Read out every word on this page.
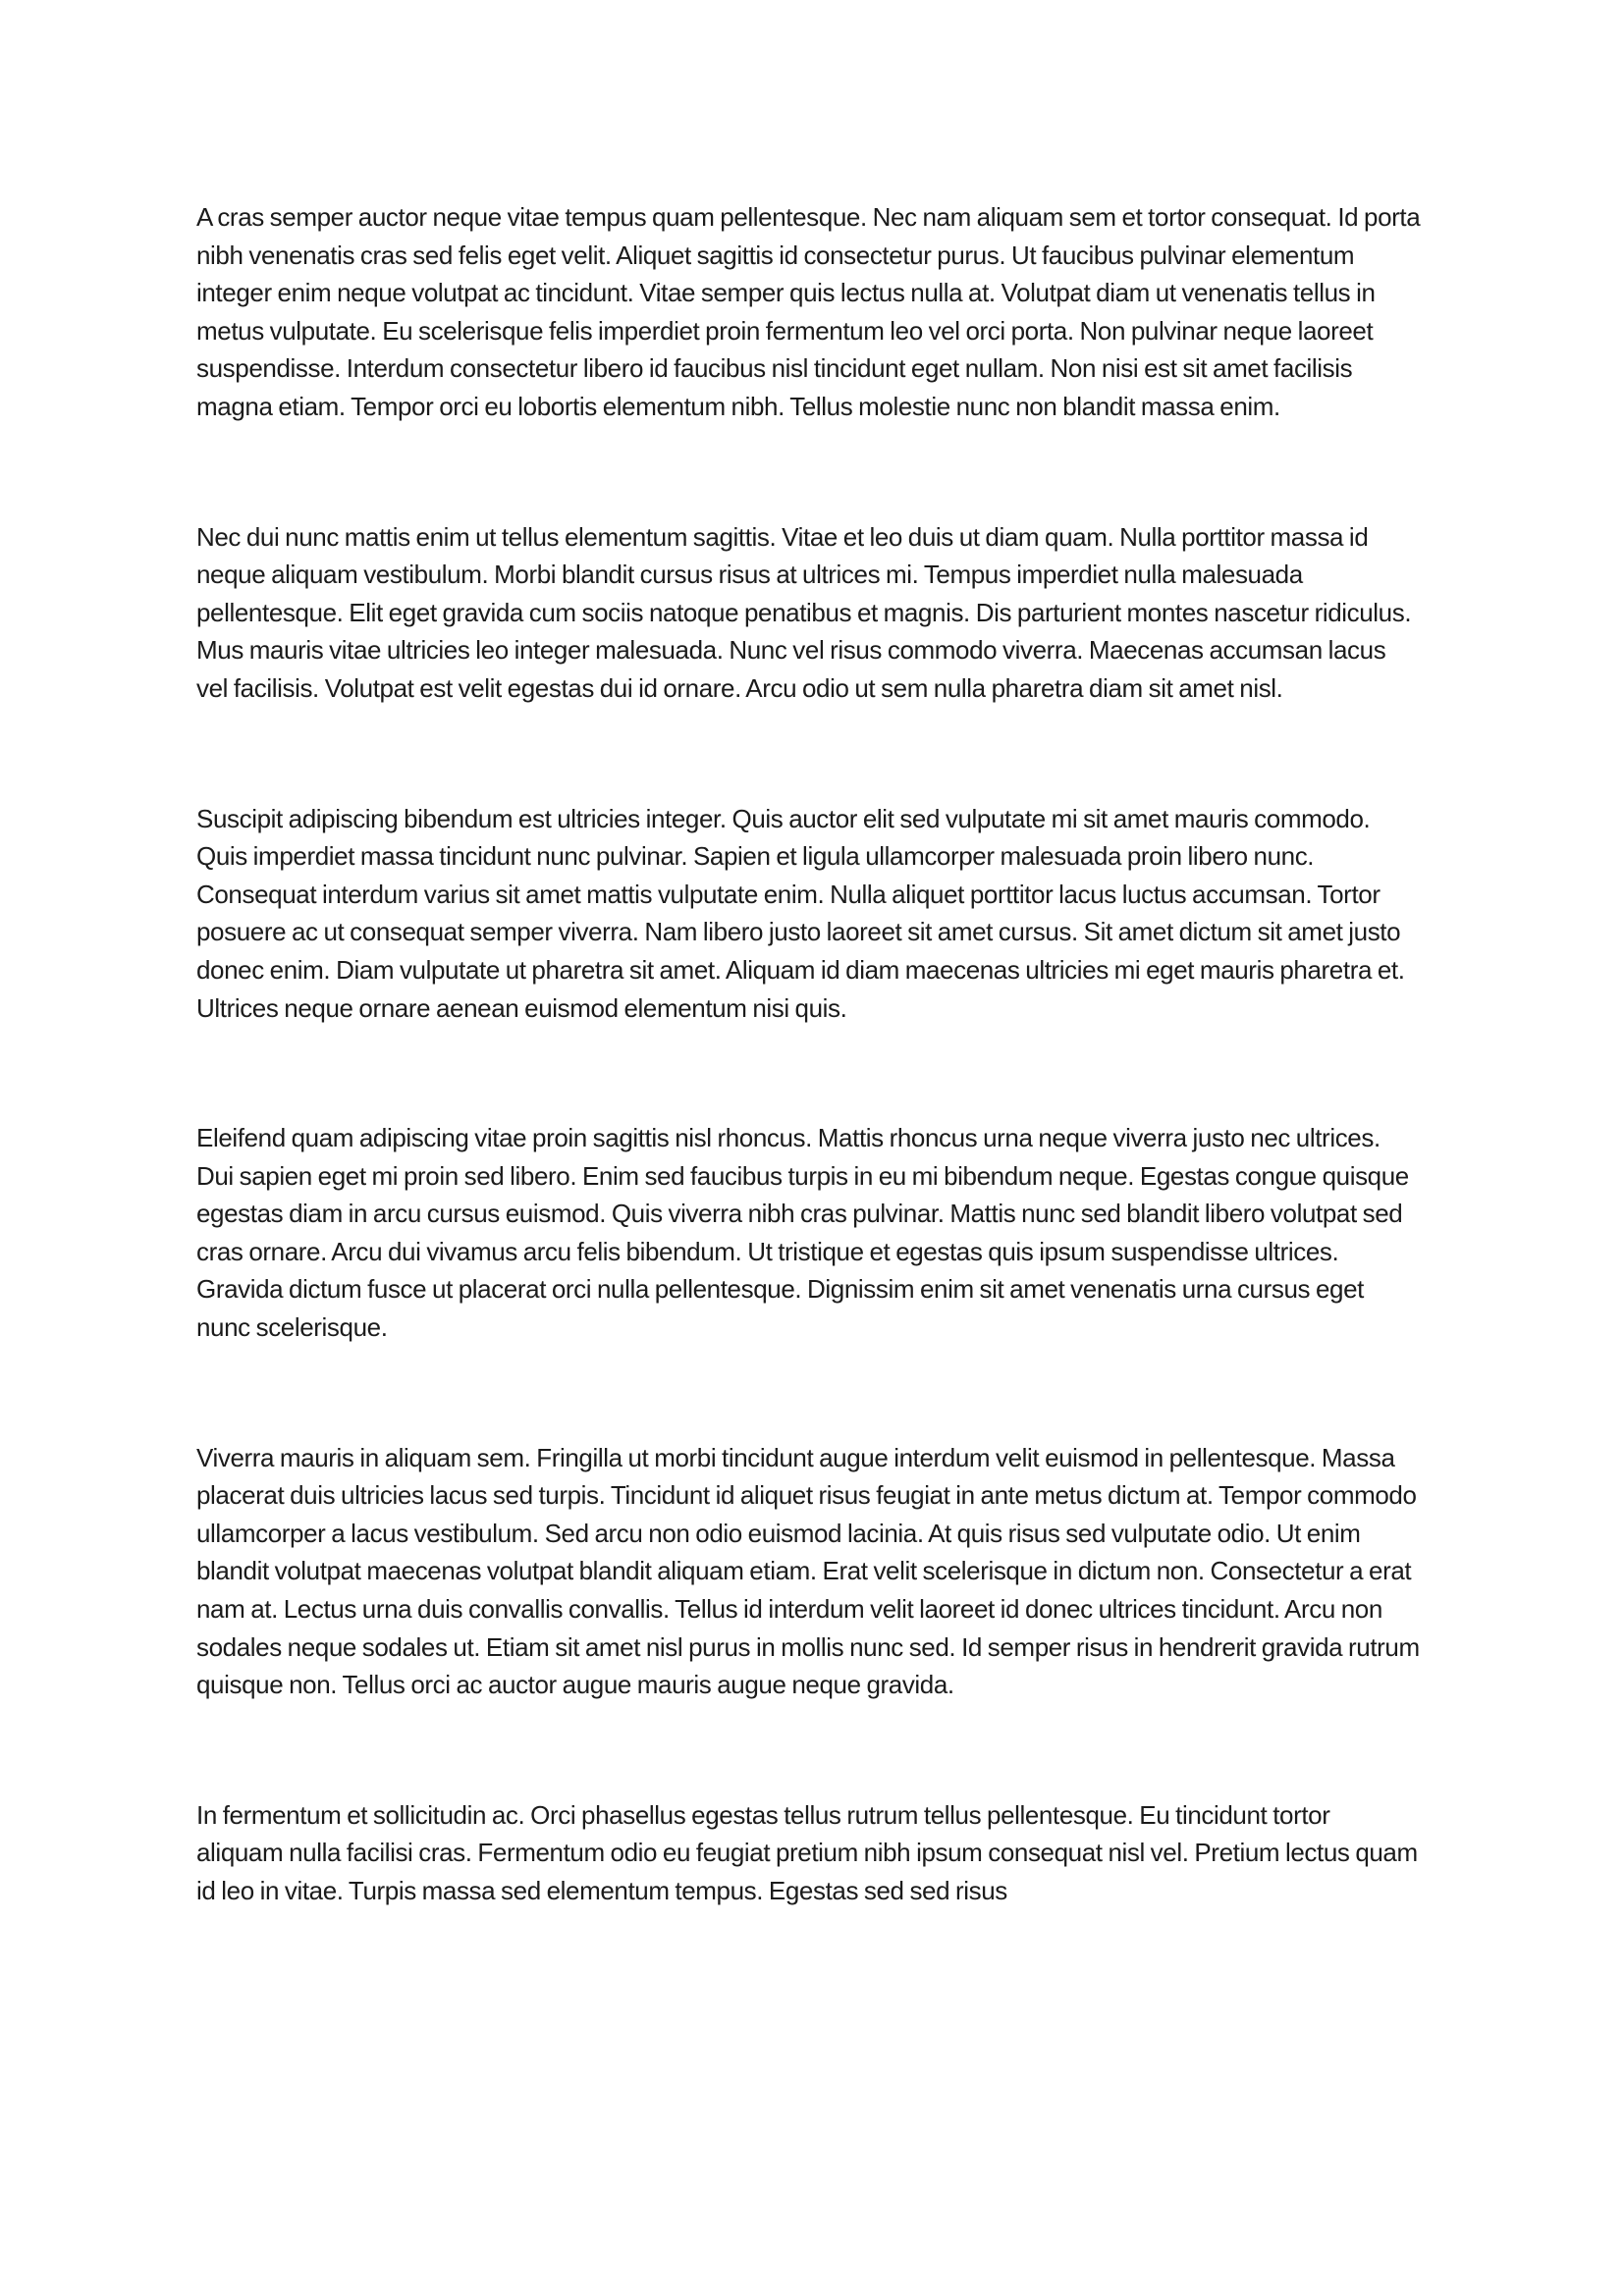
A cras semper auctor neque vitae tempus quam pellentesque. Nec nam aliquam sem et tortor consequat. Id porta nibh venenatis cras sed felis eget velit. Aliquet sagittis id consectetur purus. Ut faucibus pulvinar elementum integer enim neque volutpat ac tincidunt. Vitae semper quis lectus nulla at. Volutpat diam ut venenatis tellus in metus vulputate. Eu scelerisque felis imperdiet proin fermentum leo vel orci porta. Non pulvinar neque laoreet suspendisse. Interdum consectetur libero id faucibus nisl tincidunt eget nullam. Non nisi est sit amet facilisis magna etiam. Tempor orci eu lobortis elementum nibh. Tellus molestie nunc non blandit massa enim.

Nec dui nunc mattis enim ut tellus elementum sagittis. Vitae et leo duis ut diam quam. Nulla porttitor massa id neque aliquam vestibulum. Morbi blandit cursus risus at ultrices mi. Tempus imperdiet nulla malesuada pellentesque. Elit eget gravida cum sociis natoque penatibus et magnis. Dis parturient montes nascetur ridiculus. Mus mauris vitae ultricies leo integer malesuada. Nunc vel risus commodo viverra. Maecenas accumsan lacus vel facilisis. Volutpat est velit egestas dui id ornare. Arcu odio ut sem nulla pharetra diam sit amet nisl.

Suscipit adipiscing bibendum est ultricies integer. Quis auctor elit sed vulputate mi sit amet mauris commodo. Quis imperdiet massa tincidunt nunc pulvinar. Sapien et ligula ullamcorper malesuada proin libero nunc. Consequat interdum varius sit amet mattis vulputate enim. Nulla aliquet porttitor lacus luctus accumsan. Tortor posuere ac ut consequat semper viverra. Nam libero justo laoreet sit amet cursus. Sit amet dictum sit amet justo donec enim. Diam vulputate ut pharetra sit amet. Aliquam id diam maecenas ultricies mi eget mauris pharetra et. Ultrices neque ornare aenean euismod elementum nisi quis.

Eleifend quam adipiscing vitae proin sagittis nisl rhoncus. Mattis rhoncus urna neque viverra justo nec ultrices. Dui sapien eget mi proin sed libero. Enim sed faucibus turpis in eu mi bibendum neque. Egestas congue quisque egestas diam in arcu cursus euismod. Quis viverra nibh cras pulvinar. Mattis nunc sed blandit libero volutpat sed cras ornare. Arcu dui vivamus arcu felis bibendum. Ut tristique et egestas quis ipsum suspendisse ultrices. Gravida dictum fusce ut placerat orci nulla pellentesque. Dignissim enim sit amet venenatis urna cursus eget nunc scelerisque.

Viverra mauris in aliquam sem. Fringilla ut morbi tincidunt augue interdum velit euismod in pellentesque. Massa placerat duis ultricies lacus sed turpis. Tincidunt id aliquet risus feugiat in ante metus dictum at. Tempor commodo ullamcorper a lacus vestibulum. Sed arcu non odio euismod lacinia. At quis risus sed vulputate odio. Ut enim blandit volutpat maecenas volutpat blandit aliquam etiam. Erat velit scelerisque in dictum non. Consectetur a erat nam at. Lectus urna duis convallis convallis. Tellus id interdum velit laoreet id donec ultrices tincidunt. Arcu non sodales neque sodales ut. Etiam sit amet nisl purus in mollis nunc sed. Id semper risus in hendrerit gravida rutrum quisque non. Tellus orci ac auctor augue mauris augue neque gravida.

In fermentum et sollicitudin ac. Orci phasellus egestas tellus rutrum tellus pellentesque. Eu tincidunt tortor aliquam nulla facilisi cras. Fermentum odio eu feugiat pretium nibh ipsum consequat nisl vel. Pretium lectus quam id leo in vitae. Turpis massa sed elementum tempus. Egestas sed sed risus
